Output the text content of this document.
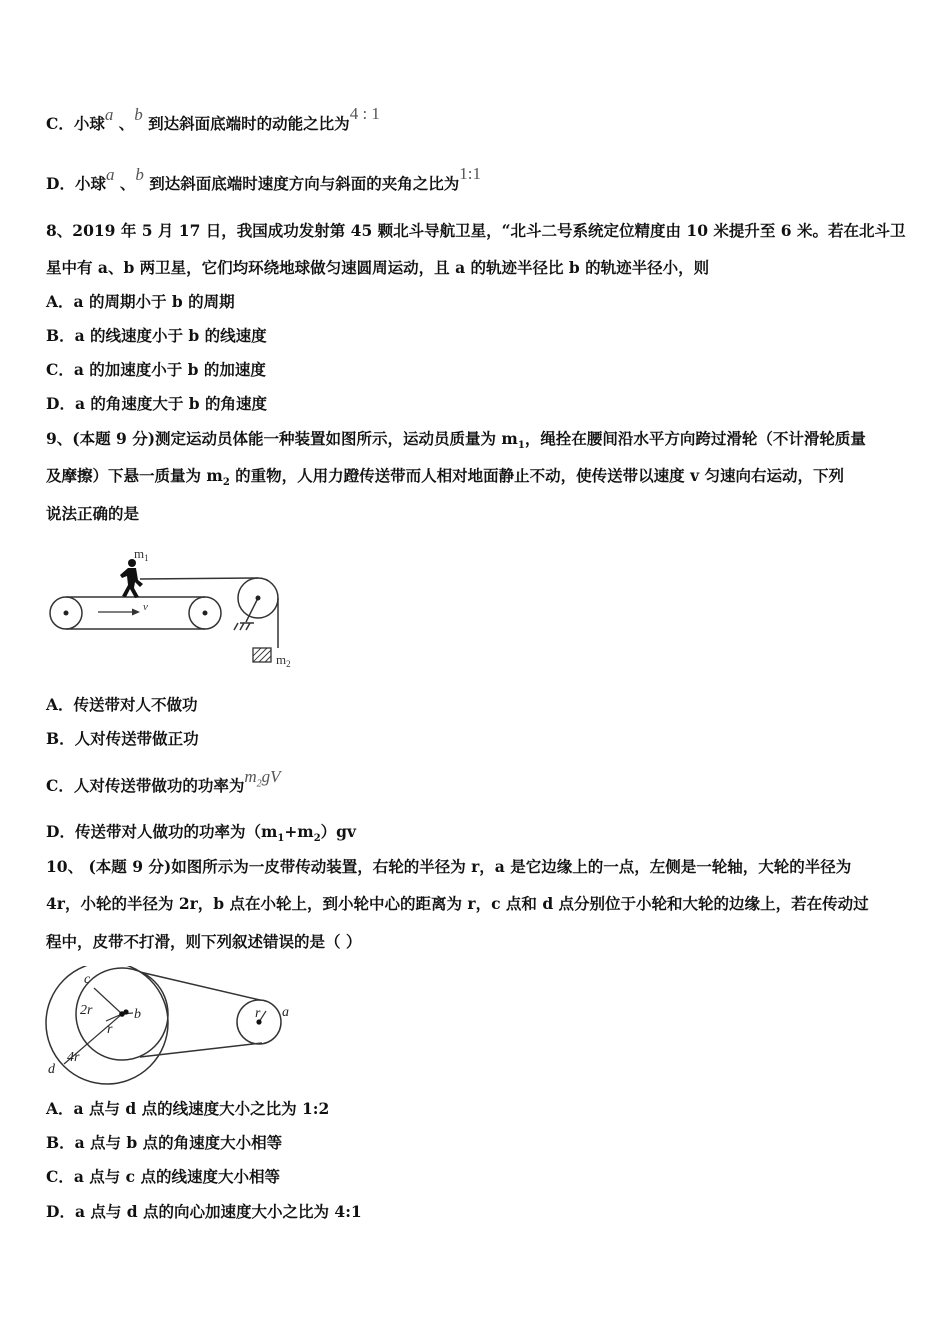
C．小球a 、b 到达斜面底端时的动能之比为4 : 1
D．小球a 、b 到达斜面底端时速度方向与斜面的夹角之比为1:1
8、2019 年 5 月 17 日，我国成功发射第 45 颗北斗导航卫星，“北斗二号系统定位精度由 10 米提升至 6 米。若在北斗卫
星中有 a、b 两卫星，它们均环绕地球做匀速圆周运动，且 a 的轨迹半径比 b 的轨迹半径小，则
A．a 的周期小于 b 的周期
B．a 的线速度小于 b 的线速度
C．a 的加速度小于 b 的加速度
D．a 的角速度大于 b 的角速度
9、(本题 9 分)测定运动员体能一种装置如图所示，运动员质量为 $m_1$，绳拴在腰间沿水平方向跨过滑轮（不计滑轮质量
及摩擦）下悬一质量为 $m_2$ 的重物，人用力蹬传送带而人相对地面静止不动，使传送带以速度 v 匀速向右运动，下列
说法正确的是
v
$m_1$
$m_2$
A．传送带对人不做功
B．人对传送带做正功
C．人对传送带做功的功率为$m_2gV$
D．传送带对人做功的功率为$(m_1+m_2)gv$
10、 (本题 9 分)如图所示为一皮带传动装置，右轮的半径为 r，a 是它边缘上的一点，左侧是一轮轴，大轮的半径为
4r，小轮的半径为 2r，b 点在小轮上，到小轮中心的距离为 r，c 点和 d 点分别位于小轮和大轮的边缘上，若在传动过
程中，皮带不打滑，则下列叙述错误的是（ ）
c
2r
r
b
4r
d
r a
A．a 点与 d 点的线速度大小之比为 1:2
B．a 点与 b 点的角速度大小相等
C．a 点与 c 点的线速度大小相等
D．a 点与 d 点的向心加速度大小之比为 4:1
